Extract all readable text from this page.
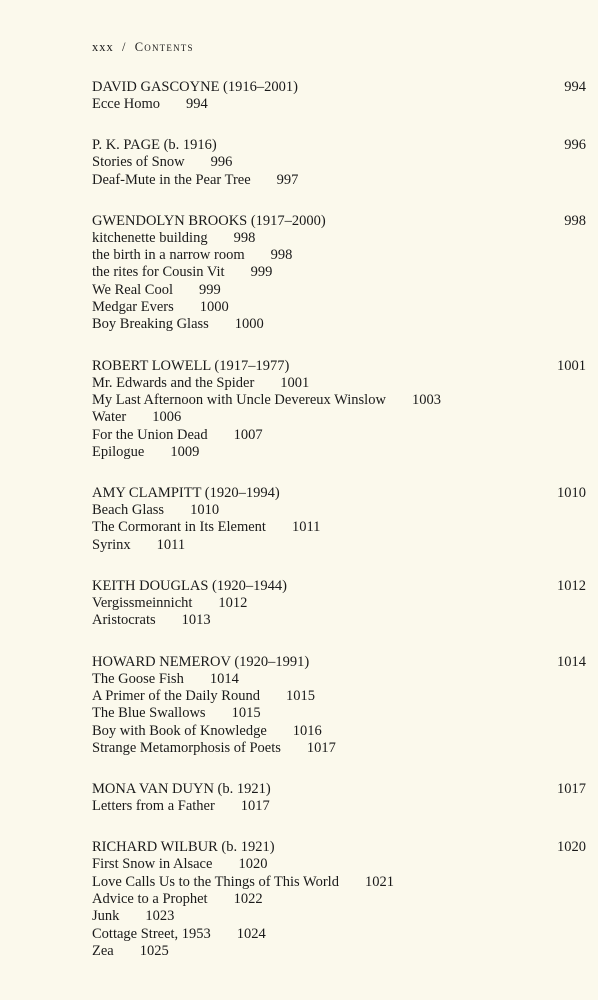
xxx / Contents
DAVID GASCOYNE (1916–2001)	994
Ecce Homo 994
P. K. PAGE (b. 1916)	996
Stories of Snow 996
Deaf-Mute in the Pear Tree 997
GWENDOLYN BROOKS (1917–2000)	998
kitchenette building 998
the birth in a narrow room 998
the rites for Cousin Vit 999
We Real Cool 999
Medgar Evers 1000
Boy Breaking Glass 1000
ROBERT LOWELL (1917–1977)	1001
Mr. Edwards and the Spider 1001
My Last Afternoon with Uncle Devereux Winslow 1003
Water 1006
For the Union Dead 1007
Epilogue 1009
AMY CLAMPITT (1920–1994)	1010
Beach Glass 1010
The Cormorant in Its Element 1011
Syrinx 1011
KEITH DOUGLAS (1920–1944)	1012
Vergissmeinnicht 1012
Aristocrats 1013
HOWARD NEMEROV (1920–1991)	1014
The Goose Fish 1014
A Primer of the Daily Round 1015
The Blue Swallows 1015
Boy with Book of Knowledge 1016
Strange Metamorphosis of Poets 1017
MONA VAN DUYN (b. 1921)	1017
Letters from a Father 1017
RICHARD WILBUR (b. 1921)	1020
First Snow in Alsace 1020
Love Calls Us to the Things of This World 1021
Advice to a Prophet 1022
Junk 1023
Cottage Street, 1953 1024
Zea 1025
